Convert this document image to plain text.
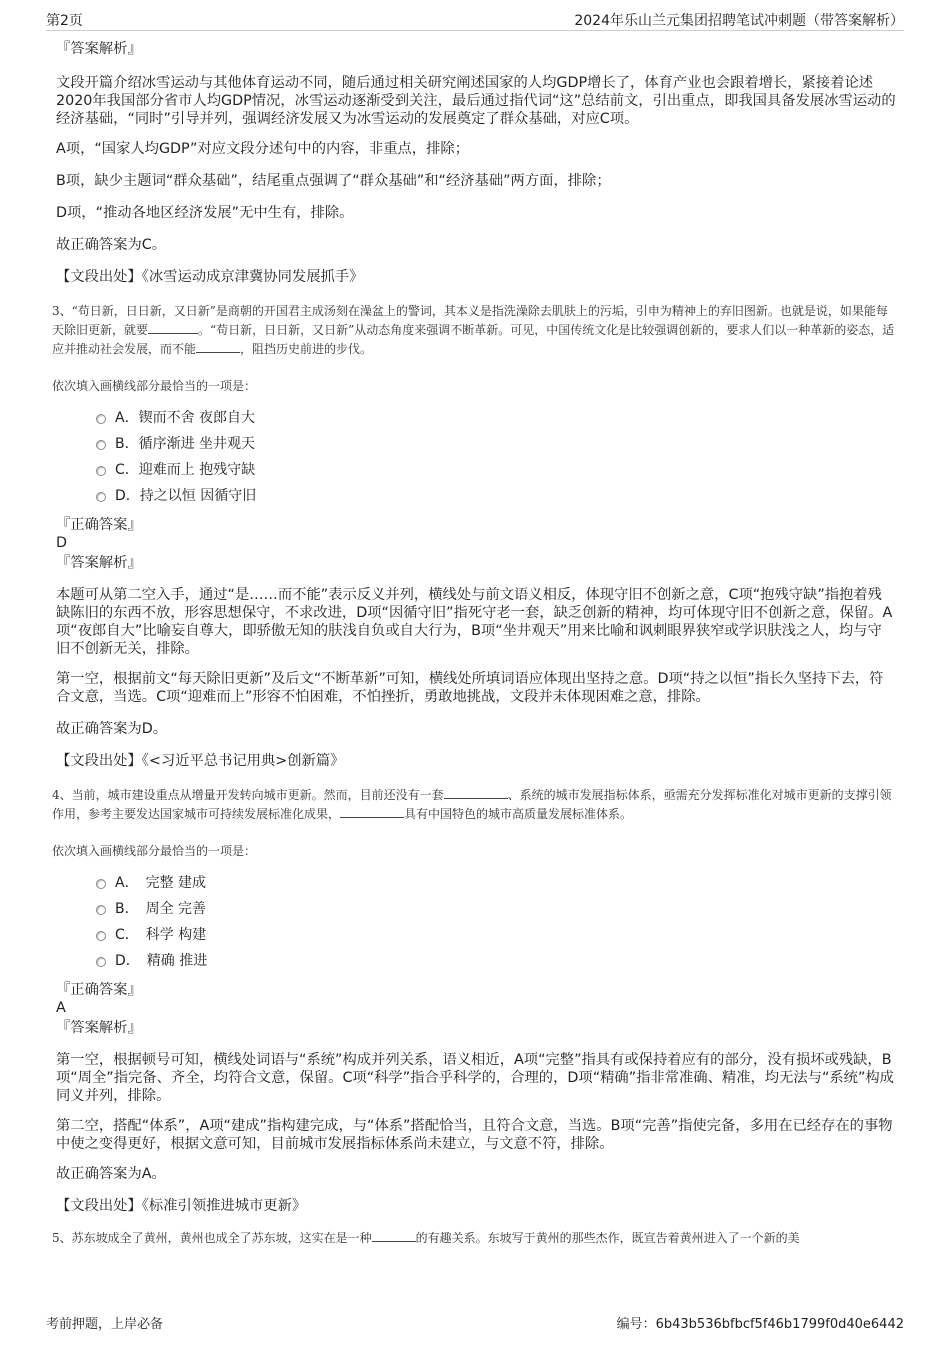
第2页	2024年乐山兰元集团招聘笔试冲刺题（带答案解析）
『答案解析』

文段开篇介绍冰雪运动与其他体育运动不同，随后通过相关研究阐述国家的人均GDP增长了，体育产业也会跟着增长，紧接着论述2020年我国部分省市人均GDP情况，冰雪运动逐渐受到关注，最后通过指代词“这”总结前文，引出重点，即我国具备发展冰雪运动的经济基础，“同时”引导并列，强调经济发展又为冰雪运动的发展奠定了群众基础，对应C项。

A项，“国家人均GDP”对应文段分述句中的内容，非重点，排除；

B项，缺少主题词“群众基础”，结尾重点强调了“群众基础”和“经济基础”两方面，排除；

D项，“推动各地区经济发展”无中生有，排除。

故正确答案为C。

【文段出处】《冰雪运动成京津冀协同发展抓手》

3、“苟日新，日日新，又日新”是商朝的开国君主成汤刻在澡盆上的警词，其本义是指洗澡除去肌肤上的污垢，引申为精神上的弃旧图新。也就是说，如果能每天除旧更新，就要	。“苟日新，日日新，又日新”从动态角度来强调不断革新。可见，中国传统文化是比较强调创新的，要求人们以一种革新的姿态，适应并推动社会发展，而不能	，阻挡历史前进的步伐。

依次填入画横线部分最恰当的一项是：

A．锲而不舍 夜郎自大
B．循序渐进 坐井观天
C．迎难而上 抱残守缺
D．持之以恒 因循守旧
『正确答案』
D
『答案解析』

本题可从第二空入手，通过“是……而不能”表示反义并列，横线处与前文语义相反，体现守旧不创新之意，C项“抱残守缺”指抱着残缺陈旧的东西不放，形容思想保守，不求改进，D项“因循守旧”指死守老一套，缺乏创新的精神，均可体现守旧不创新之意，保留。A项“夜郎自大”比喻妄自尊大，即骄傲无知的肤浅自负或自大行为，B项“坐井观天”用来比喻和讽刺眼界狭窄或学识肤浅之人，均与守旧不创新无关，排除。

第一空，根据前文“每天除旧更新”及后文“不断革新”可知，横线处所填词语应体现出坚持之意。D项“持之以恒”指长久坚持下去，符合文意，当选。C项“迎难而上”形容不怕困难，不怕挫折，勇敢地挑战，文段并未体现困难之意，排除。

故正确答案为D。

【文段出处】《<习近平总书记用典>创新篇》

4、当前，城市建设重点从增量开发转向城市更新。然而，目前还没有一套	、系统的城市发展指标体系，亟需充分发挥标准化对城市更新的支撑引领作用，参考主要发达国家城市可持续发展标准化成果，	具有中国特色的城市高质量发展标准体系。

依次填入画横线部分最恰当的一项是：

A．　完整 建成
B．　周全 完善
C．　科学 构建
D．　精确 推进
『正确答案』
A
『答案解析』

第一空，根据顿号可知，横线处词语与“系统”构成并列关系，语义相近，A项“完整”指具有或保持着应有的部分，没有损坏或残缺，B项“周全”指完备、齐全，均符合文意，保留。C项“科学”指合乎科学的，合理的，D项“精确”指非常准确、精准，均无法与“系统”构成同义并列，排除。

第二空，搭配“体系”，A项“建成”指构建完成，与“体系”搭配恰当，且符合文意，当选。B项“完善”指使完备，多用在已经存在的事物中使之变得更好，根据文意可知，目前城市发展指标体系尚未建立，与文意不符，排除。

故正确答案为A。

【文段出处】《标准引领推进城市更新》

5、苏东坡成全了黄州，黄州也成全了苏东坡，这实在是一种	的有趣关系。东坡写于黄州的那些杰作，既宣告着黄州进入了一个新的美

考前押题，上岸必备	编号：6b43b536bfbcf5f46b1799f0d40e6442
